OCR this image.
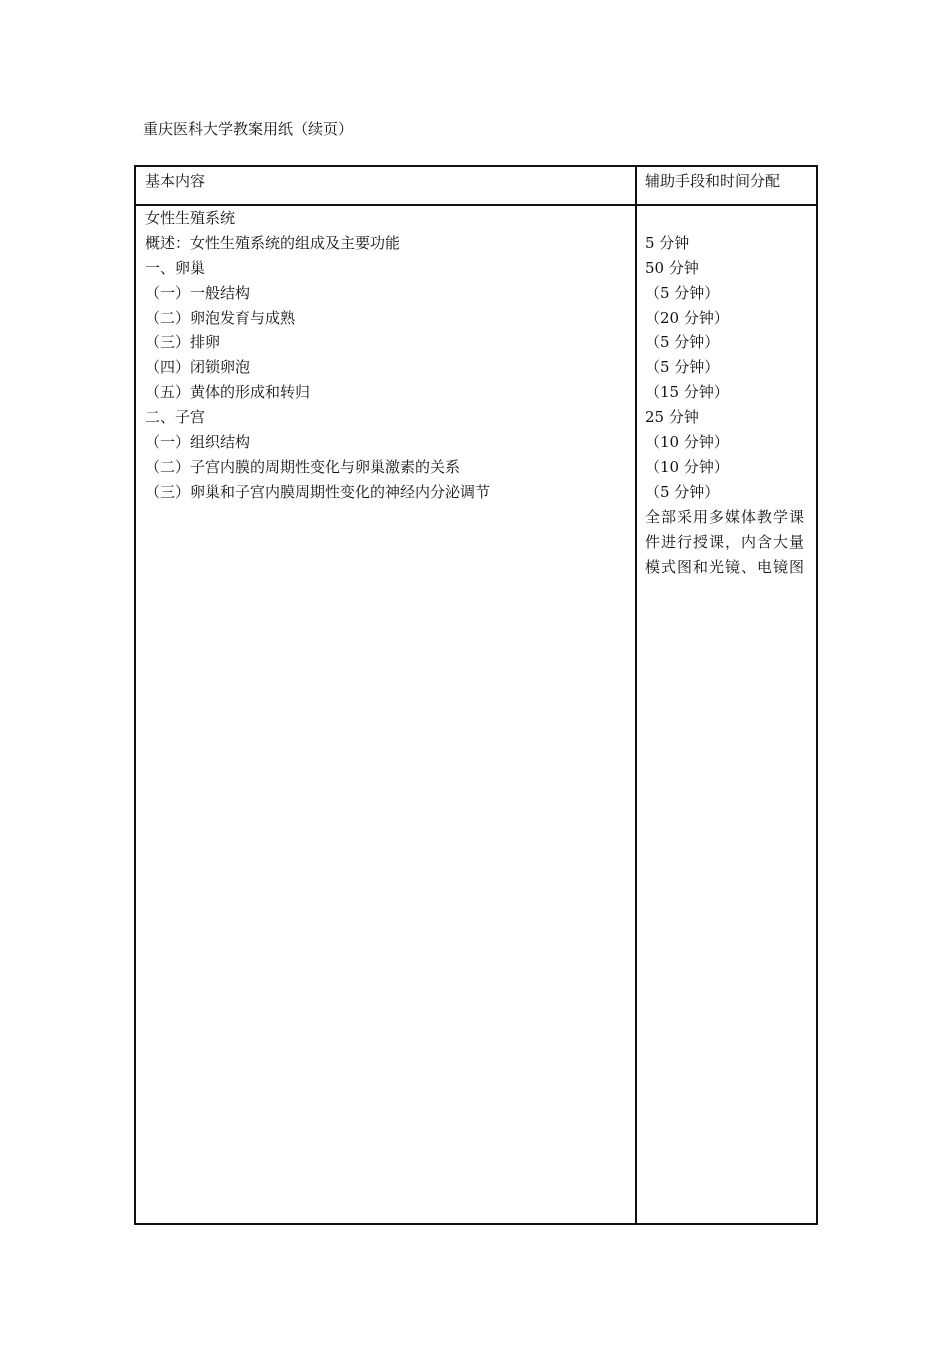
重庆医科大学教案用纸（续页）
基本内容	辅助手段和时间分配
女性生殖系统
概述：女性生殖系统的组成及主要功能
一、卵巢
（一）一般结构
（二）卵泡发育与成熟
（三）排卵
（四）闭锁卵泡
（五）黄体的形成和转归
二、子宫
（一）组织结构
（二）子宫内膜的周期性变化与卵巢激素的关系
（三）卵巢和子宫内膜周期性变化的神经内分泌调节
5 分钟
50 分钟
（5 分钟）
（20 分钟）
（5 分钟）
（5 分钟）
（15 分钟）
25 分钟
（10 分钟）
（10 分钟）
（5 分钟）
全部采用多媒体教学课件进行授课，内含大量模式图和光镜、电镜图
